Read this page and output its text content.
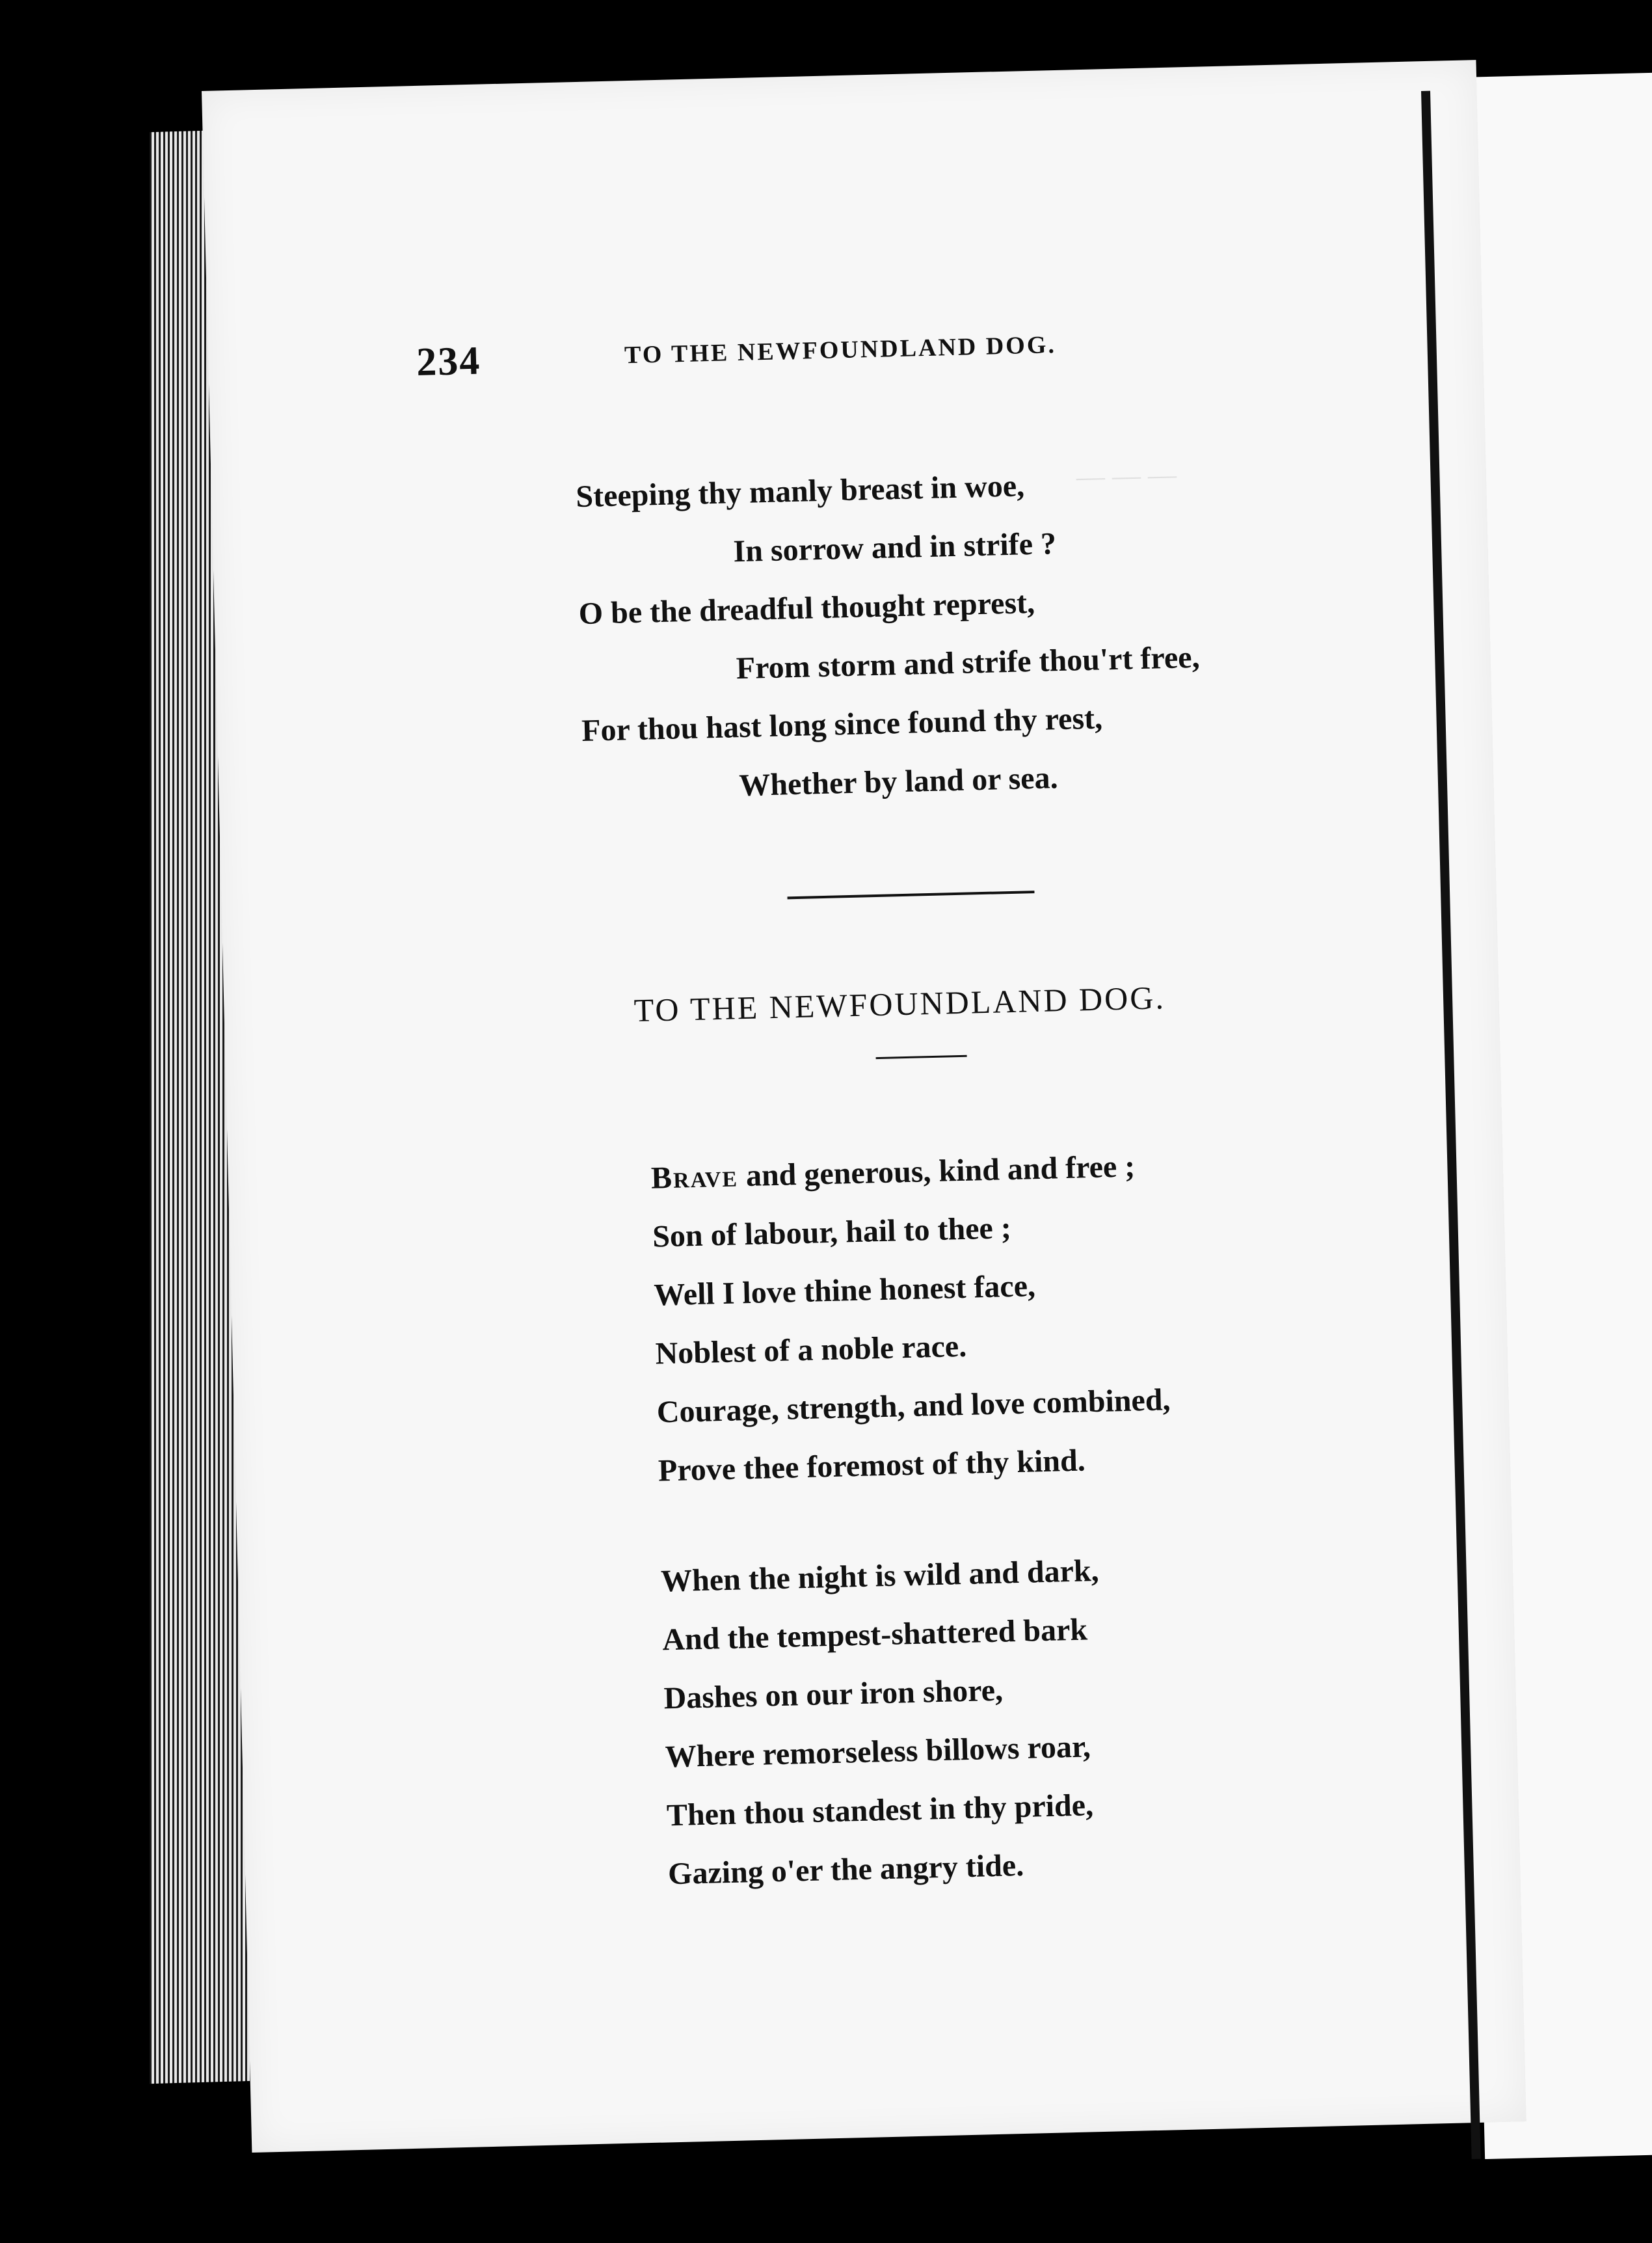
— — —
234	TO THE NEWFOUNDLAND DOG.
Steeping thy manly breast in woe,
In sorrow and in strife ?
O be the dreadful thought represt,
From storm and strife thou'rt free,
For thou hast long since found thy rest,
Whether by land or sea.
TO THE NEWFOUNDLAND DOG.
Brave and generous, kind and free ;
Son of labour, hail to thee ;
Well I love thine honest face,
Noblest of a noble race.
Courage, strength, and love combined,
Prove thee foremost of thy kind.
When the night is wild and dark,
And the tempest-shattered bark
Dashes on our iron shore,
Where remorseless billows roar,
Then thou standest in thy pride,
Gazing o'er the angry tide.
